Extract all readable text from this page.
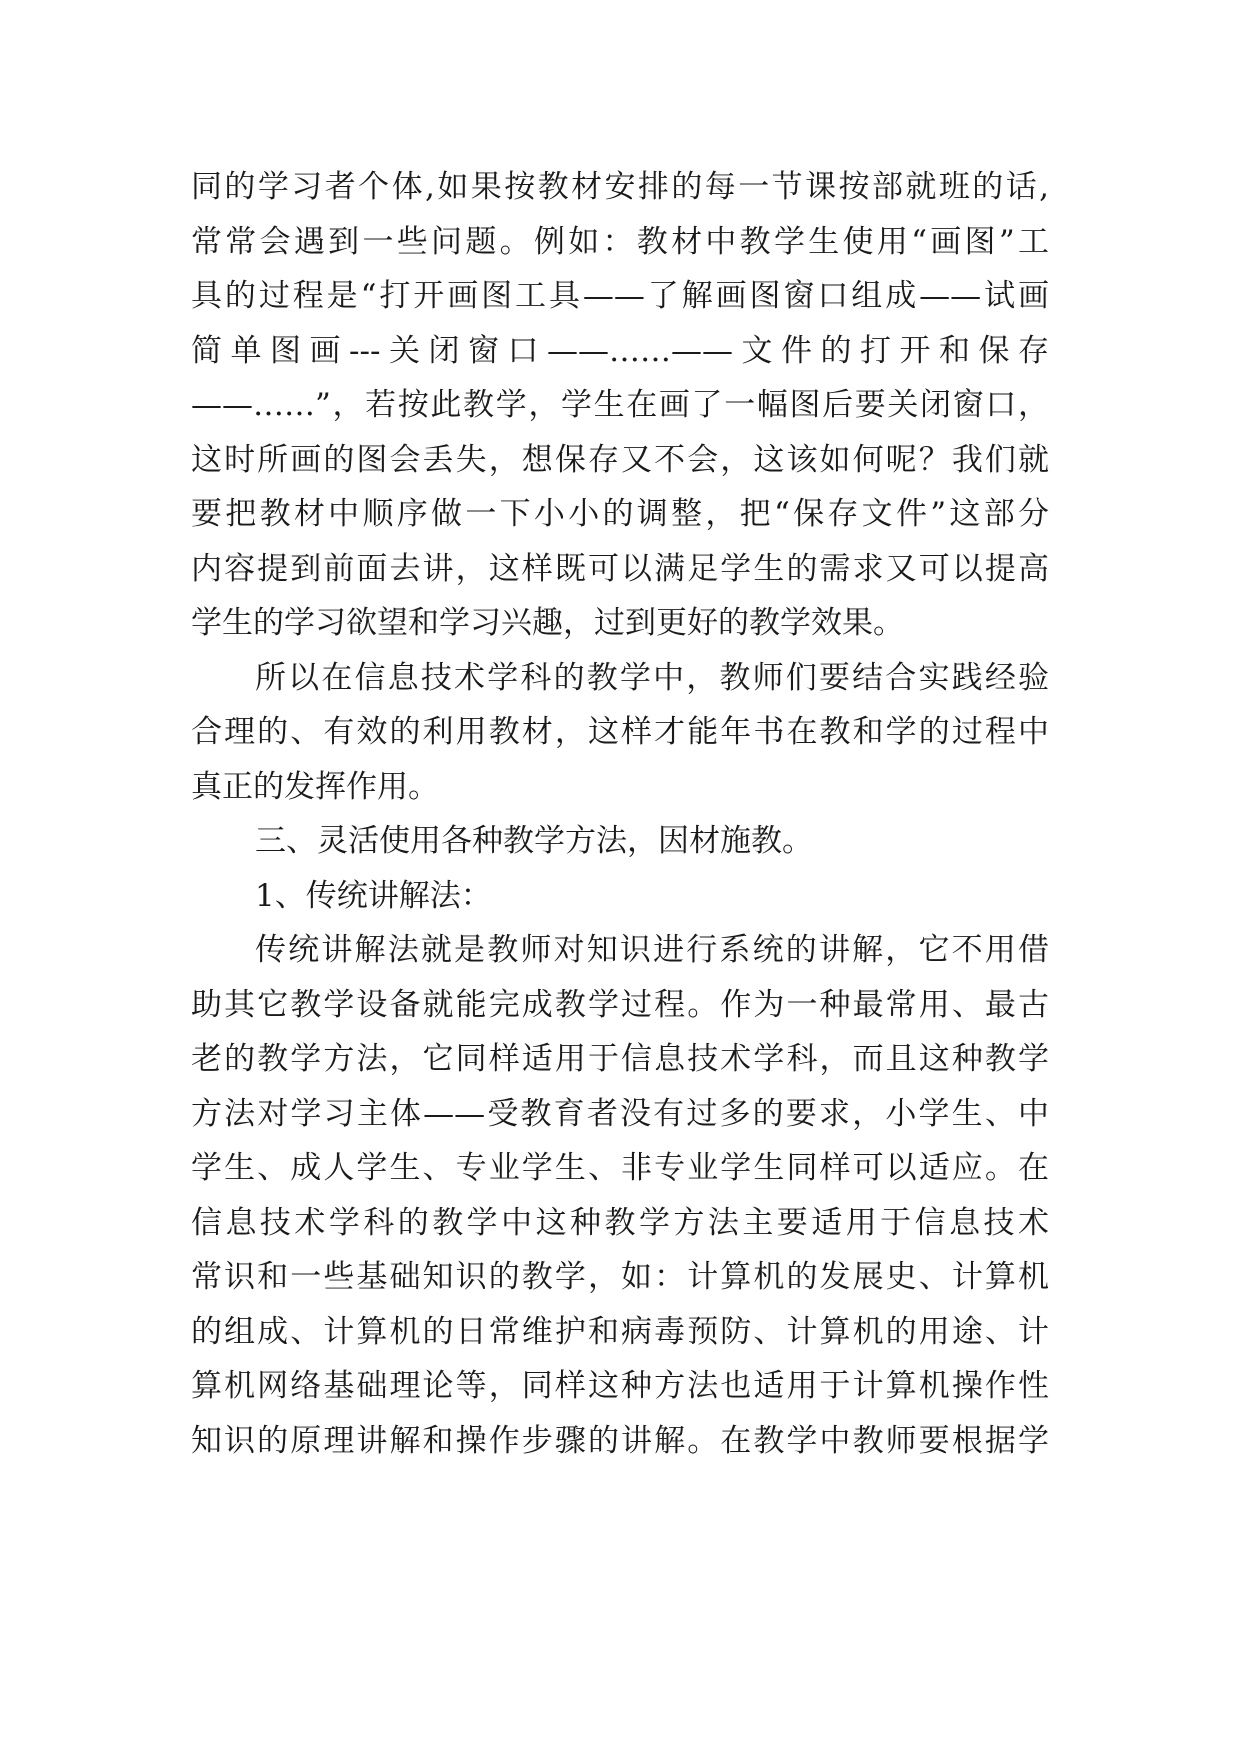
同的学习者个体,如果按教材安排的每一节课按部就班的话,
常常会遇到一些问题。例如：教材中教学生使用“画图”工
具的过程是“打开画图工具——了解画图窗口组成——试画
简单图画---关闭窗口——……——文件的打开和保存
——……”，若按此教学，学生在画了一幅图后要关闭窗口，
这时所画的图会丢失，想保存又不会，这该如何呢？我们就
要把教材中顺序做一下小小的调整，把“保存文件”这部分
内容提到前面去讲，这样既可以满足学生的需求又可以提高
学生的学习欲望和学习兴趣，过到更好的教学效果。
所以在信息技术学科的教学中，教师们要结合实践经验
合理的、有效的利用教材，这样才能年书在教和学的过程中
真正的发挥作用。
三、灵活使用各种教学方法，因材施教。
1、传统讲解法：
传统讲解法就是教师对知识进行系统的讲解，它不用借
助其它教学设备就能完成教学过程。作为一种最常用、最古
老的教学方法，它同样适用于信息技术学科，而且这种教学
方法对学习主体——受教育者没有过多的要求，小学生、中
学生、成人学生、专业学生、非专业学生同样可以适应。在
信息技术学科的教学中这种教学方法主要适用于信息技术
常识和一些基础知识的教学，如：计算机的发展史、计算机
的组成、计算机的日常维护和病毒预防、计算机的用途、计
算机网络基础理论等，同样这种方法也适用于计算机操作性
知识的原理讲解和操作步骤的讲解。在教学中教师要根据学
